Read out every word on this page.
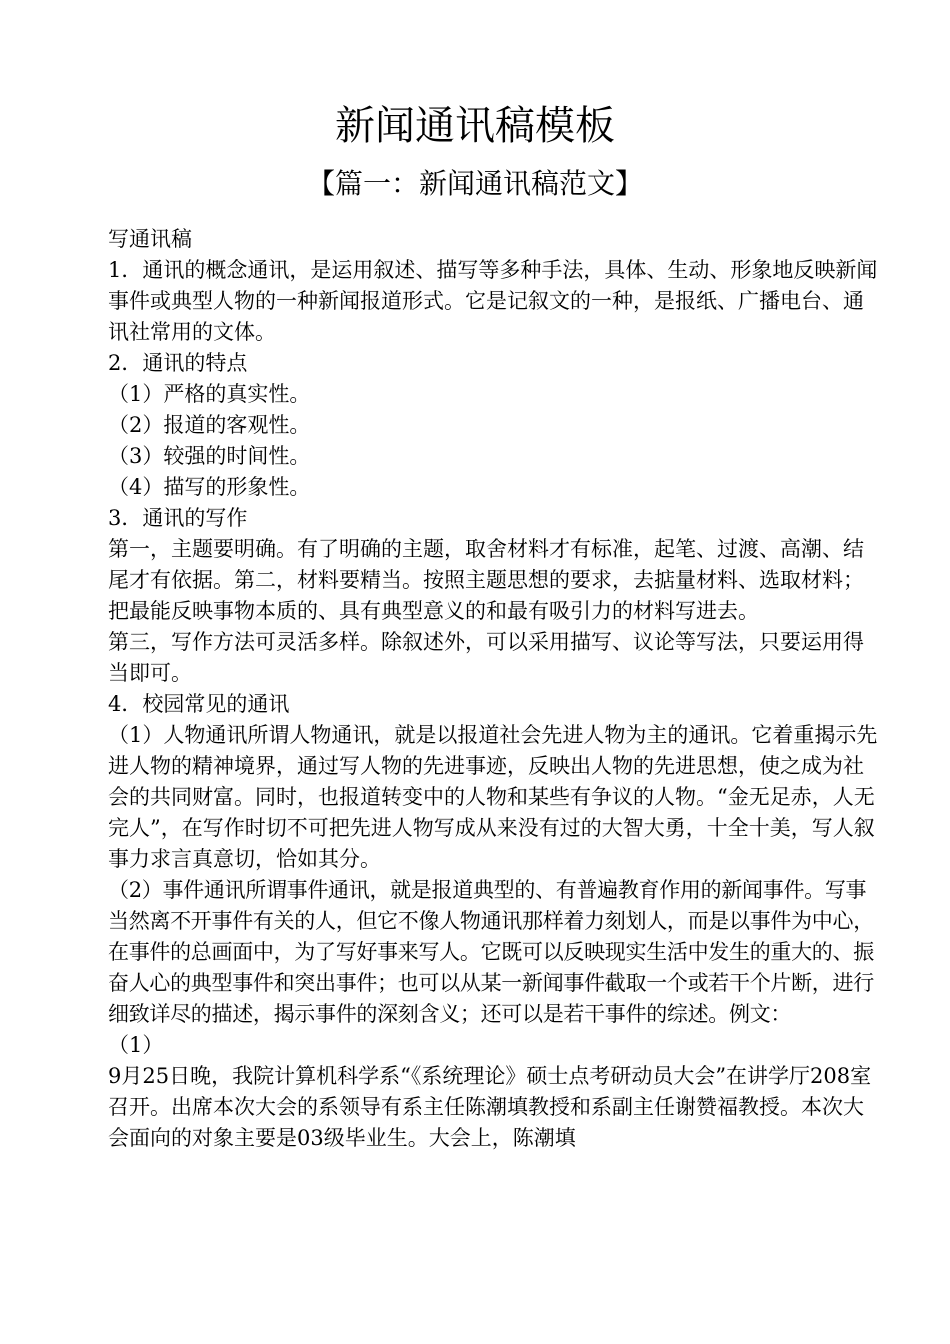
新闻通讯稿模板
【篇一：新闻通讯稿范文】

写通讯稿

1．通讯的概念通讯，是运用叙述、描写等多种手法，具体、生动、形象地反映新闻事件或典型人物的一种新闻报道形式。它是记叙文的一种，是报纸、广播电台、通讯社常用的文体。

2．通讯的特点

（1）严格的真实性。

（2）报道的客观性。

（3）较强的时间性。

（4）描写的形象性。

3．通讯的写作

第一，主题要明确。有了明确的主题，取舍材料才有标准，起笔、过渡、高潮、结尾才有依据。第二，材料要精当。按照主题思想的要求，去掂量材料、选取材料；把最能反映事物本质的、具有典型意义的和最有吸引力的材料写进去。

第三，写作方法可灵活多样。除叙述外，可以采用描写、议论等写法，只要运用得当即可。

4．校园常见的通讯

（1）人物通讯所谓人物通讯，就是以报道社会先进人物为主的通讯。它着重揭示先进人物的精神境界，通过写人物的先进事迹，反映出人物的先进思想，使之成为社会的共同财富。同时，也报道转变中的人物和某些有争议的人物。“金无足赤，人无完人”，在写作时切不可把先进人物写成从来没有过的大智大勇，十全十美，写人叙事力求言真意切，恰如其分。

（2）事件通讯所谓事件通讯，就是报道典型的、有普遍教育作用的新闻事件。写事当然离不开事件有关的人，但它不像人物通讯那样着力刻划人，而是以事件为中心，在事件的总画面中，为了写好事来写人。它既可以反映现实生活中发生的重大的、振奋人心的典型事件和突出事件；也可以从某一新闻事件截取一个或若干个片断，进行细致详尽的描述，揭示事件的深刻含义；还可以是若干事件的综述。例文：

（1）

9月25日晚，我院计算机科学系“《系统理论》硕士点考研动员大会”在讲学厅208室召开。出席本次大会的系领导有系主任陈潮填教授和系副主任谢赞福教授。本次大会面向的对象主要是03级毕业生。大会上，陈潮填
